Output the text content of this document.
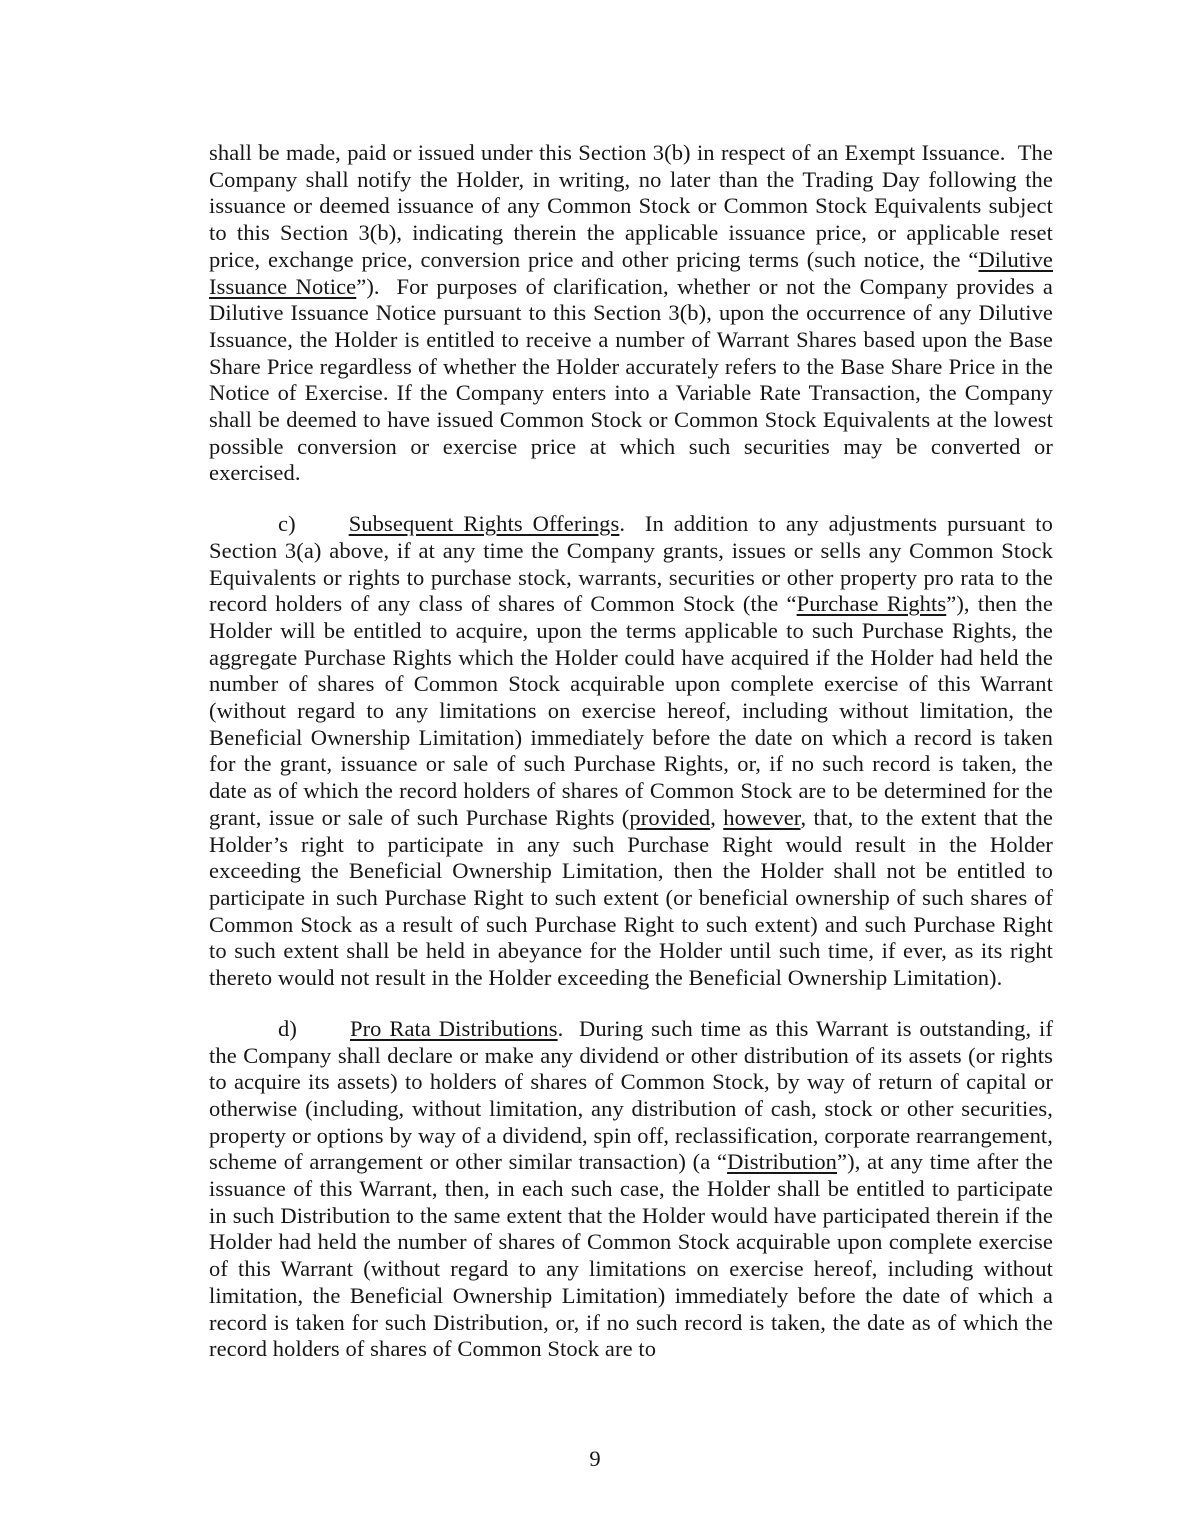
shall be made, paid or issued under this Section 3(b) in respect of an Exempt Issuance.  The Company shall notify the Holder, in writing, no later than the Trading Day following the issuance or deemed issuance of any Common Stock or Common Stock Equivalents subject to this Section 3(b), indicating therein the applicable issuance price, or applicable reset price, exchange price, conversion price and other pricing terms (such notice, the “Dilutive Issuance Notice”).  For purposes of clarification, whether or not the Company provides a Dilutive Issuance Notice pursuant to this Section 3(b), upon the occurrence of any Dilutive Issuance, the Holder is entitled to receive a number of Warrant Shares based upon the Base Share Price regardless of whether the Holder accurately refers to the Base Share Price in the Notice of Exercise. If the Company enters into a Variable Rate Transaction, the Company shall be deemed to have issued Common Stock or Common Stock Equivalents at the lowest possible conversion or exercise price at which such securities may be converted or exercised.

c) Subsequent Rights Offerings.  In addition to any adjustments pursuant to Section 3(a) above, if at any time the Company grants, issues or sells any Common Stock Equivalents or rights to purchase stock, warrants, securities or other property pro rata to the record holders of any class of shares of Common Stock (the “Purchase Rights”), then the Holder will be entitled to acquire, upon the terms applicable to such Purchase Rights, the aggregate Purchase Rights which the Holder could have acquired if the Holder had held the number of shares of Common Stock acquirable upon complete exercise of this Warrant (without regard to any limitations on exercise hereof, including without limitation, the Beneficial Ownership Limitation) immediately before the date on which a record is taken for the grant, issuance or sale of such Purchase Rights, or, if no such record is taken, the date as of which the record holders of shares of Common Stock are to be determined for the grant, issue or sale of such Purchase Rights (provided, however, that, to the extent that the Holder’s right to participate in any such Purchase Right would result in the Holder exceeding the Beneficial Ownership Limitation, then the Holder shall not be entitled to participate in such Purchase Right to such extent (or beneficial ownership of such shares of Common Stock as a result of such Purchase Right to such extent) and such Purchase Right to such extent shall be held in abeyance for the Holder until such time, if ever, as its right thereto would not result in the Holder exceeding the Beneficial Ownership Limitation).

d) Pro Rata Distributions.  During such time as this Warrant is outstanding, if the Company shall declare or make any dividend or other distribution of its assets (or rights to acquire its assets) to holders of shares of Common Stock, by way of return of capital or otherwise (including, without limitation, any distribution of cash, stock or other securities, property or options by way of a dividend, spin off, reclassification, corporate rearrangement, scheme of arrangement or other similar transaction) (a “Distribution”), at any time after the issuance of this Warrant, then, in each such case, the Holder shall be entitled to participate in such Distribution to the same extent that the Holder would have participated therein if the Holder had held the number of shares of Common Stock acquirable upon complete exercise of this Warrant (without regard to any limitations on exercise hereof, including without limitation, the Beneficial Ownership Limitation) immediately before the date of which a record is taken for such Distribution, or, if no such record is taken, the date as of which the record holders of shares of Common Stock are to

9
